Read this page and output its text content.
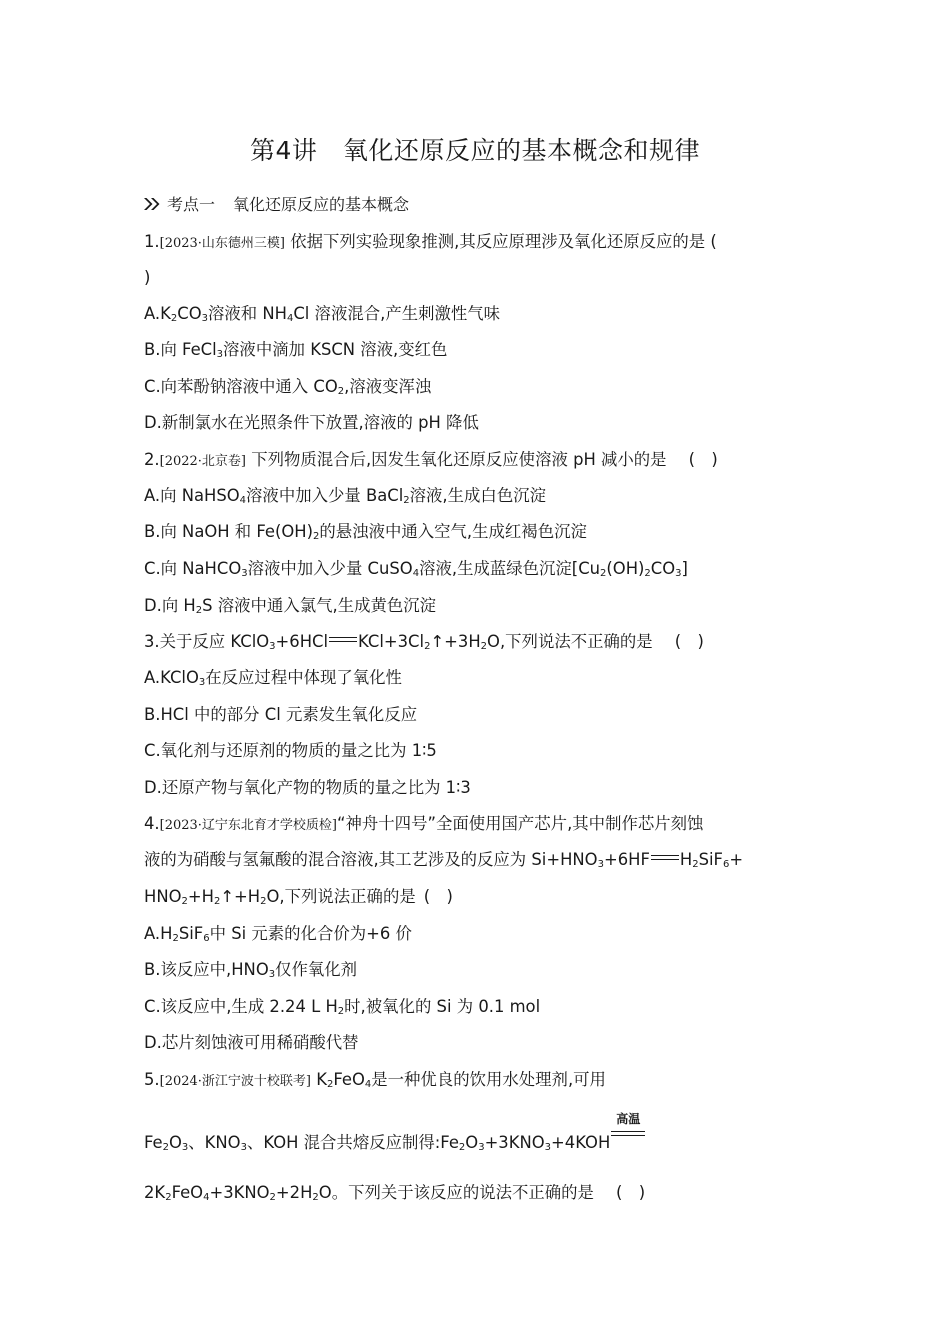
第4讲　氧化还原反应的基本概念和规律
考点一 氧化还原反应的基本概念
1.[2023·山东德州三模] 依据下列实验现象推测,其反应原理涉及氧化还原反应的是 (
)
$A.K_2CO_3$溶液和 $NH_4Cl$ 溶液混合,产生刺激性气味
B.向 FeCl$_3$溶液中滴加 KSCN 溶液,变红色
C.向苯酚钠溶液中通入 $CO_2$,溶液变浑浊
D.新制氯水在光照条件下放置,溶液的 pH 降低
2.[2022·北京卷] 下列物质混合后,因发生氧化还原反应使溶液 pH 减小的是 (　)
A.向 NaHSO$_4$溶液中加入少量 BaCl$_2$溶液,生成白色沉淀
B.向 NaOH 和 $Fe(OH)_2$的悬浊液中通入空气,生成红褐色沉淀
C.向 NaHCO$_3$溶液中加入少量 CuSO$_4$溶液,生成蓝绿色沉淀$[Cu_2(OH)_2CO_3]$
D.向 $H_2S$ 溶液中通入氯气,生成黄色沉淀
3.关于反应 KClO$_3$+6HCl $KCl+3Cl_2↑+3H_2O$,下列说法不正确的是 (　)
A.KClO$_3$在反应过程中体现了氧化性
B.HCl 中的部分 Cl 元素发生氧化反应
C.氧化剂与还原剂的物质的量之比为 1∶5
D.还原产物与氧化产物的物质的量之比为 1∶3
4.[2023·辽宁东北育才学校质检]“神舟十四号”全面使用国产芯片,其中制作芯片刻蚀
液的为硝酸与氢氟酸的混合溶液,其工艺涉及的反应为 $Si+HNO_3+6HF$ $H_2SiF_6+$
$HNO_2+H_2↑+H_2O$,下列说法正确的是 (　)
$A.H_2SiF_6$中 Si 元素的化合价为+6 价
B.该反应中$,HNO_3$仅作氧化剂
C.该反应中,生成 2.24 L $H_2$时,被氧化的 Si 为 0.1 mol
D.芯片刻蚀液可用稀硝酸代替
5.[2024·浙江宁波十校联考] $K_2FeO_4$是一种优良的饮用水处理剂,可用
$Fe_2O_3$、$KNO_3$、KOH 混合共熔反应制得$:Fe_2O_3+3KNO_3+4KOH$
高温
$2K_2FeO_4+3KNO_2+2H_2O$。下列关于该反应的说法不正确的是 (　)
